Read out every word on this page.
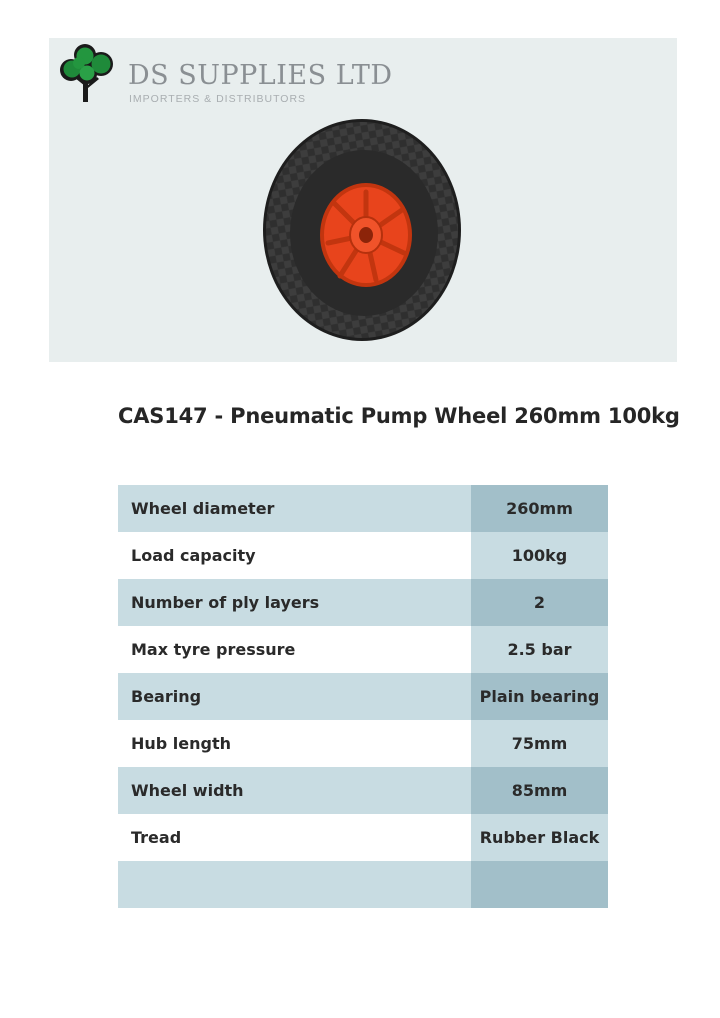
DS SUPPLIES LTD
IMPORTERS & DISTRIBUTORS
CAS147 - Pneumatic Pump Wheel 260mm 100kg
Wheel diameter	260mm
Load capacity	100kg
Number of ply layers	2
Max tyre pressure	2.5 bar
Bearing	Plain bearing
Hub length	75mm
Wheel width	85mm
Tread	Rubber Black
